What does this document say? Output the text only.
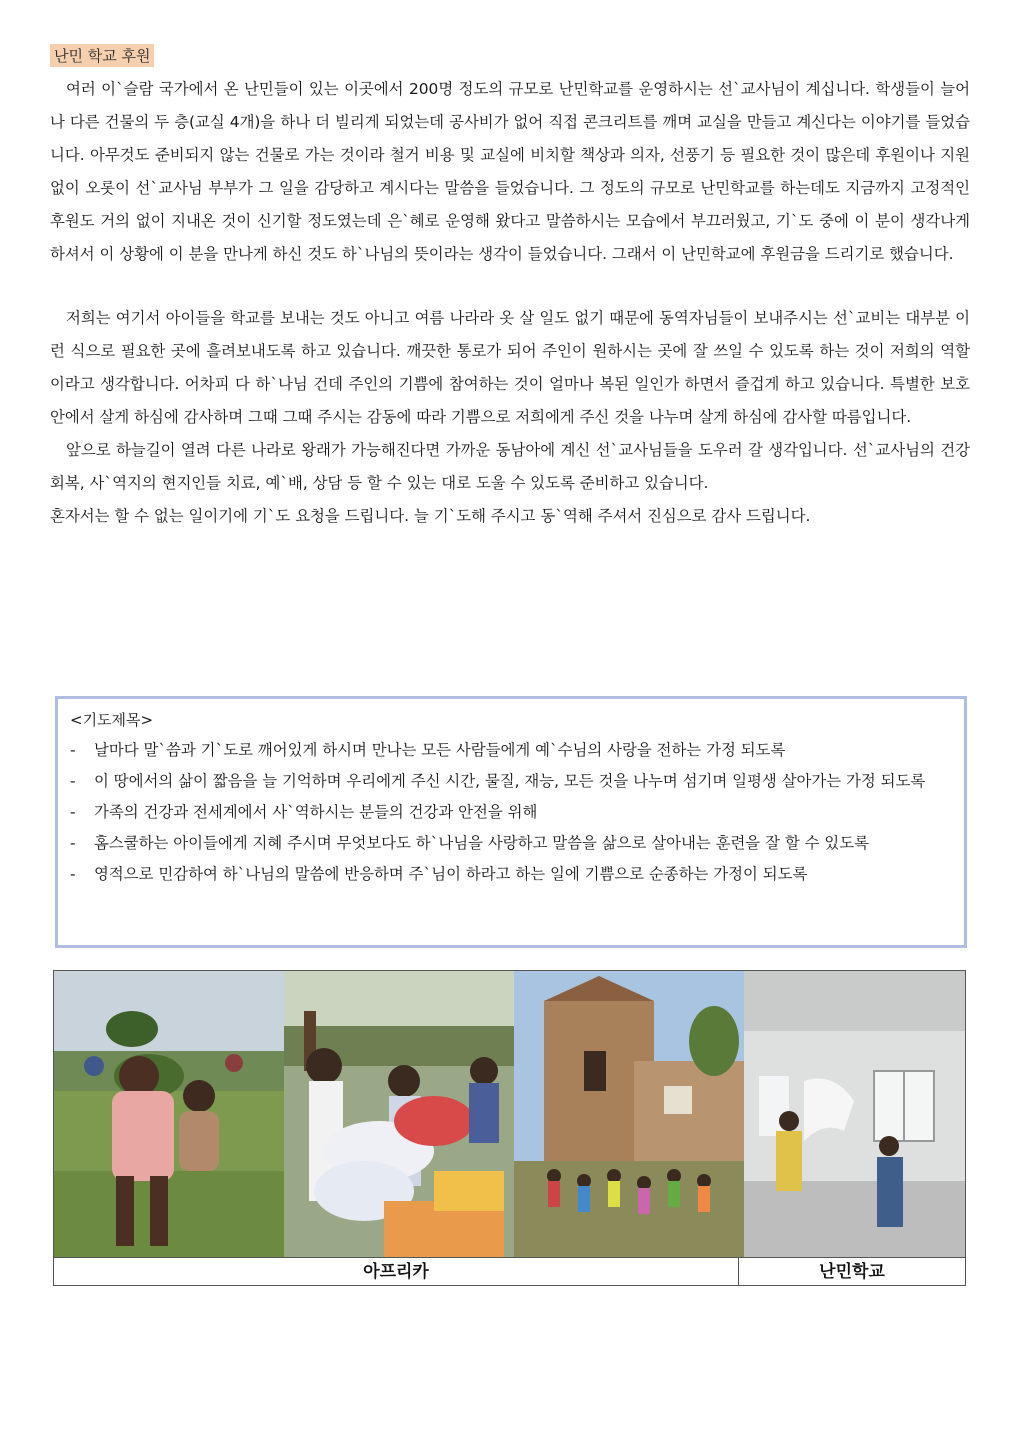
난민 학교 후원

여러 이`슬람 국가에서 온 난민들이 있는 이곳에서 200명 정도의 규모로 난민학교를 운영하시는 선`교사님이 계십니다. 학생들이 늘어나 다른 건물의 두 층(교실 4개)을 하나 더 빌리게 되었는데 공사비가 없어 직접 콘크리트를 깨며 교실을 만들고 계신다는 이야기를 들었습니다. 아무것도 준비되지 않는 건물로 가는 것이라 철거 비용 및 교실에 비치할 책상과 의자, 선풍기 등 필요한 것이 많은데 후원이나 지원 없이 오롯이 선`교사님 부부가 그 일을 감당하고 계시다는 말씀을 들었습니다. 그 정도의 규모로 난민학교를 하는데도 지금까지 고정적인 후원도 거의 없이 지내온 것이 신기할 정도였는데 은`혜로 운영해 왔다고 말씀하시는 모습에서 부끄러웠고, 기`도 중에 이 분이 생각나게 하셔서 이 상황에 이 분을 만나게 하신 것도 하`나님의 뜻이라는 생각이 들었습니다. 그래서 이 난민학교에 후원금을 드리기로 했습니다.

저희는 여기서 아이들을 학교를 보내는 것도 아니고 여름 나라라 옷 살 일도 없기 때문에 동역자님들이 보내주시는 선`교비는 대부분 이런 식으로 필요한 곳에 흘려보내도록 하고 있습니다. 깨끗한 통로가 되어 주인이 원하시는 곳에 잘 쓰일 수 있도록 하는 것이 저희의 역할이라고 생각합니다. 어차피 다 하`나님 건데 주인의 기쁨에 참여하는 것이 얼마나 복된 일인가 하면서 즐겁게 하고 있습니다. 특별한 보호 안에서 살게 하심에 감사하며 그때 그때 주시는 감동에 따라 기쁨으로 저희에게 주신 것을 나누며 살게 하심에 감사할 따름입니다.

앞으로 하늘길이 열려 다른 나라로 왕래가 가능해진다면 가까운 동남아에 계신 선`교사님들을 도우러 갈 생각입니다. 선`교사님의 건강 회복, 사`역지의 현지인들 치료, 예`배, 상담 등 할 수 있는 대로 도울 수 있도록 준비하고 있습니다.

혼자서는 할 수 없는 일이기에 기`도 요청을 드립니다. 늘 기`도해 주시고 동`역해 주셔서 진심으로 감사 드립니다.

<기도제목>
- 날마다 말`씀과 기`도로 깨어있게 하시며 만나는 모든 사람들에게 예`수님의 사랑을 전하는 가정 되도록
- 이 땅에서의 삶이 짧음을 늘 기억하며 우리에게 주신 시간, 물질, 재능, 모든 것을 나누며 섬기며 일평생 살아가는 가정 되도록
- 가족의 건강과 전세계에서 사`역하시는 분들의 건강과 안전을 위해
- 홈스쿨하는 아이들에게 지혜 주시며 무엇보다도 하`나님을 사랑하고 말씀을 삶으로 살아내는 훈련을 잘 할 수 있도록
- 영적으로 민감하여 하`나님의 말씀에 반응하며 주`님이 하라고 하는 일에 기쁨으로 순종하는 가정이 되도록
아프리카	난민학교
